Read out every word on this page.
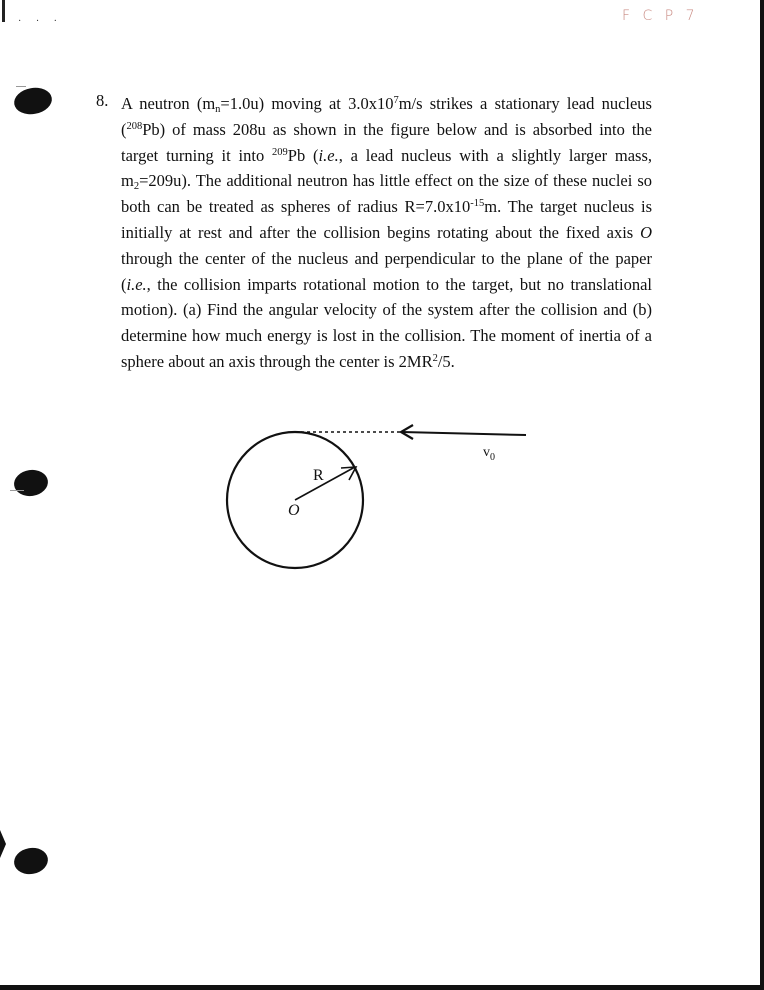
· · ·	F C P 7
8. A neutron $(m_n=1.0u)$ moving at $3.0x10^7m/s$ strikes a stationary lead nucleus ($^{208}$Pb) of mass 208u as shown in the figure below and is absorbed into the target turning it into $^{209}$Pb (i.e., a lead nucleus with a slightly larger mass, $m_2=209u$). The additional neutron has little effect on the size of these nuclei so both can be treated as spheres of radius $R=7.0x10^{-15}m$. The target nucleus is initially at rest and after the collision begins rotating about the fixed axis O through the center of the nucleus and perpendicular to the plane of the paper (i.e., the collision imparts rotational motion to the target, but no translational motion). (a) Find the angular velocity of the system after the collision and (b) determine how much energy is lost in the collision. The moment of inertia of a sphere about an axis through the center is $2MR^2/5$.

R
O
$v_0$
